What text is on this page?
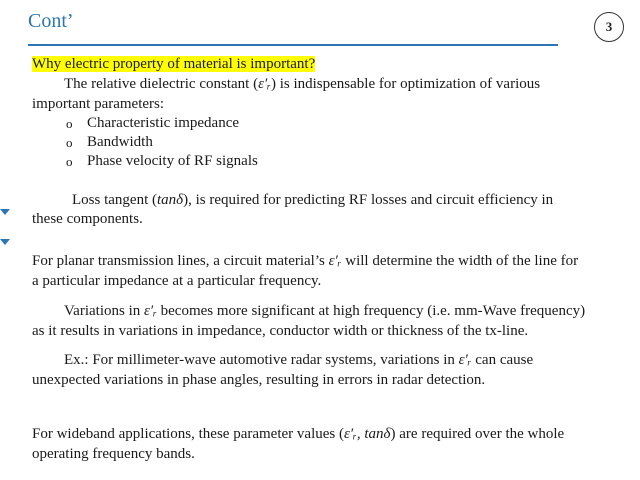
Cont’	3
Why electric property of material is important?
The relative dielectric constant (ε′ᵣ) is indispensable for optimization of various
important parameters:
o Characteristic impedance
o Bandwidth
o Phase velocity of RF signals
Loss tangent (tanδ), is required for predicting RF losses and circuit efficiency in
these components.
For planar transmission lines, a circuit material’s ε′ᵣ will determine the width of the line for
a particular impedance at a particular frequency.
Variations in ε′ᵣ becomes more significant at high frequency (i.e. mm-Wave frequency)
as it results in variations in impedance, conductor width or thickness of the tx-line.
Ex.: For millimeter-wave automotive radar systems, variations in ε′ᵣ can cause
unexpected variations in phase angles, resulting in errors in radar detection.
For wideband applications, these parameter values (ε′ᵣ, tanδ) are required over the whole
operating frequency bands.
